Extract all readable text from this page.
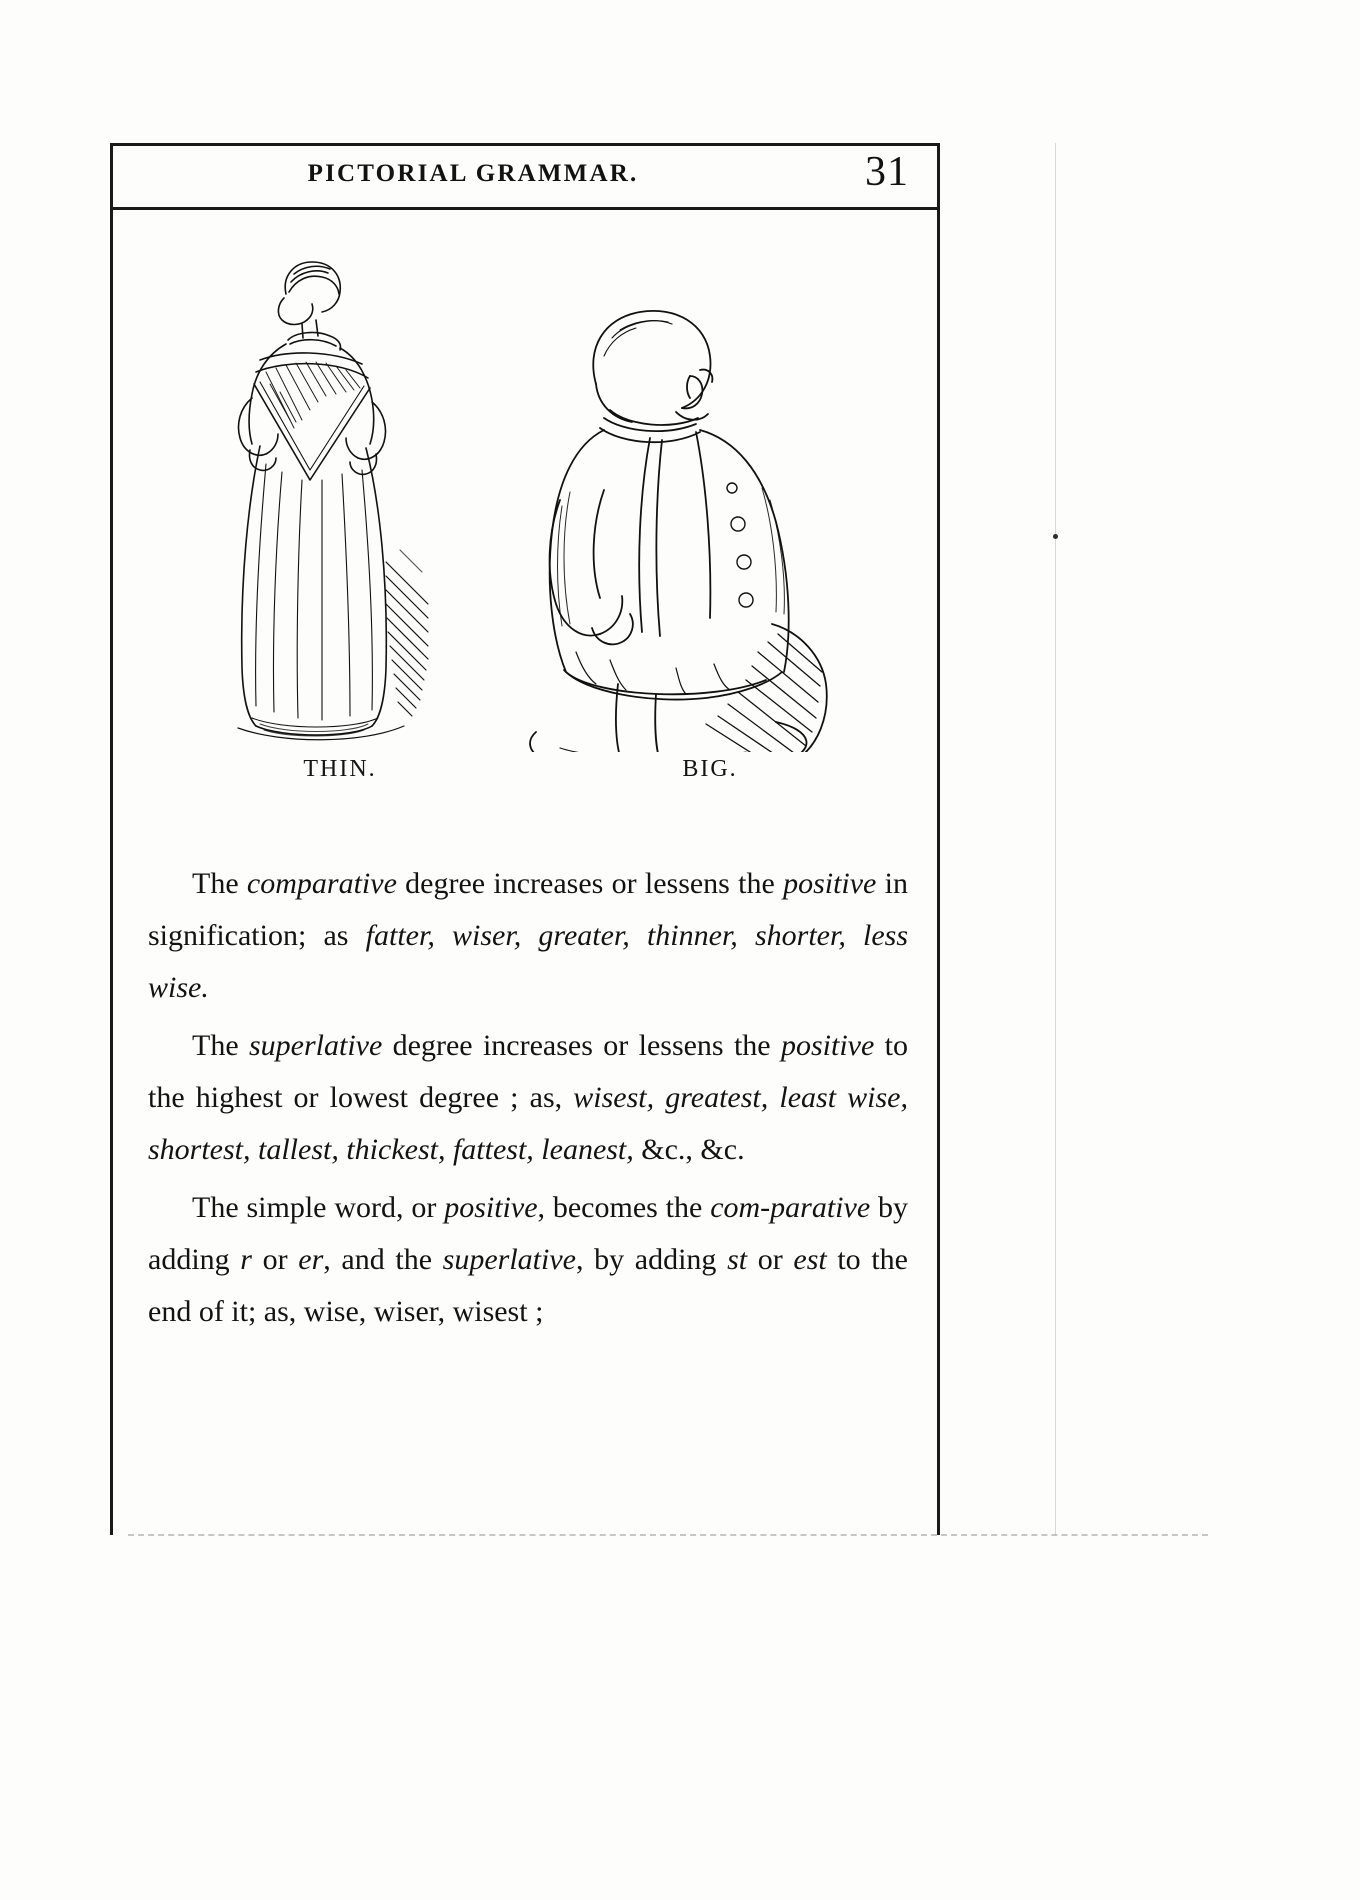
PICTORIAL GRAMMAR.	31
THIN.	BIG.

The comparative degree increases or lessens the positive in signification; as fatter, wiser, greater, thinner, shorter, less wise.

The superlative degree increases or lessens the positive to the highest or lowest degree ; as, wisest, greatest, least wise, shortest, tallest, thickest, fattest, leanest, &c., &c.

The simple word, or positive, becomes the com-parative by adding r or er, and the superlative, by adding st or est to the end of it; as, wise, wiser, wisest ;
